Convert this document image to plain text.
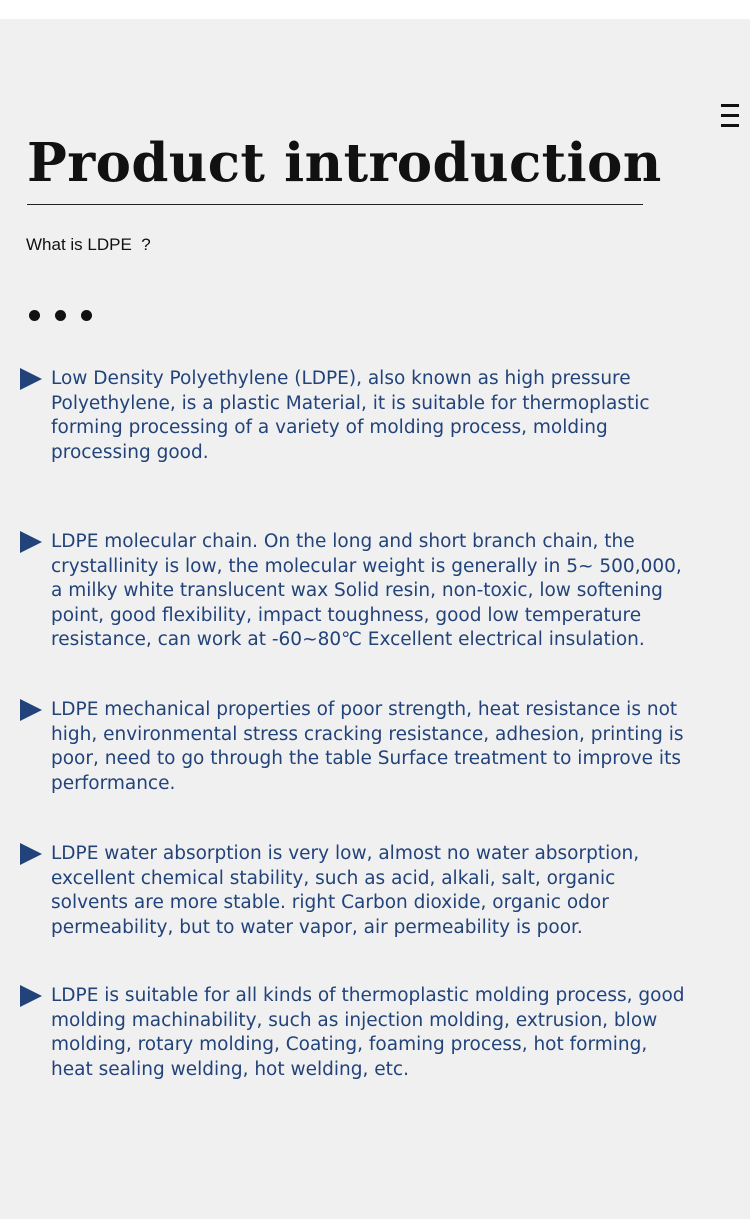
Product introduction

What is LDPE  ?

Low Density Polyethylene (LDPE), also known as high pressure
Polyethylene, is a plastic Material, it is suitable for thermoplastic
forming processing of a variety of molding process, molding
processing good.

LDPE molecular chain. On the long and short branch chain, the
crystallinity is low, the molecular weight is generally in 5~ 500,000,
a milky white translucent wax Solid resin, non-toxic, low softening
point, good flexibility, impact toughness, good low temperature
resistance, can work at -60~80℃ Excellent electrical insulation.

LDPE mechanical properties of poor strength, heat resistance is not
high, environmental stress cracking resistance, adhesion, printing is
poor, need to go through the table Surface treatment to improve its
performance.

LDPE water absorption is very low, almost no water absorption,
excellent chemical stability, such as acid, alkali, salt, organic
solvents are more stable. right Carbon dioxide, organic odor
permeability, but to water vapor, air permeability is poor.

LDPE is suitable for all kinds of thermoplastic molding process, good
molding machinability, such as injection molding, extrusion, blow
molding, rotary molding, Coating, foaming process, hot forming,
heat sealing welding, hot welding, etc.
